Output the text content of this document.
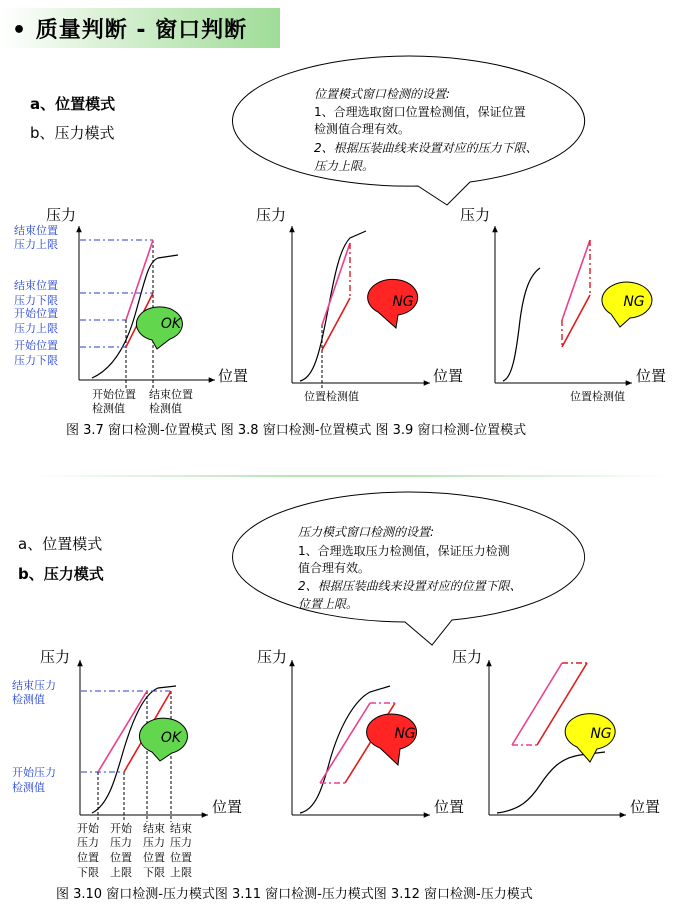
• 质量判断 - 窗口判断
a、位置模式
b、压力模式
a、位置模式
b、压力模式
位置模式窗口检测的设置:
1、合理选取窗口位置检测值，保证位置
检测值合理有效。
2、根据压装曲线来设置对应的压力下限、
压力上限。
压力
位置
结束位置
压力上限
结束位置
压力下限
开始位置
压力上限
开始位置
压力下限
开始位置
检测值
结束位置
检测值
OK
压力
位置
位置检测值
NG
压力
位置
位置检测值
NG
图 3.7 窗口检测-位置模式 图 3.8 窗口检测-位置模式 图 3.9 窗口检测-位置模式
压力模式窗口检测的设置:
1、合理选取压力检测值，保证压力检测
值合理有效。
2、根据压装曲线来设置对应的位置下限、
位置上限。
压力
位置
结束压力
检测值
开始压力
检测值
开始
压力
位置
下限
开始
压力
位置
上限
结束
压力
位置
下限
结束
压力
位置
上限
OK
压力
位置
NG
压力
位置
NG
图 3.10 窗口检测-压力模式图 3.11 窗口检测-压力模式图 3.12 窗口检测-压力模式
